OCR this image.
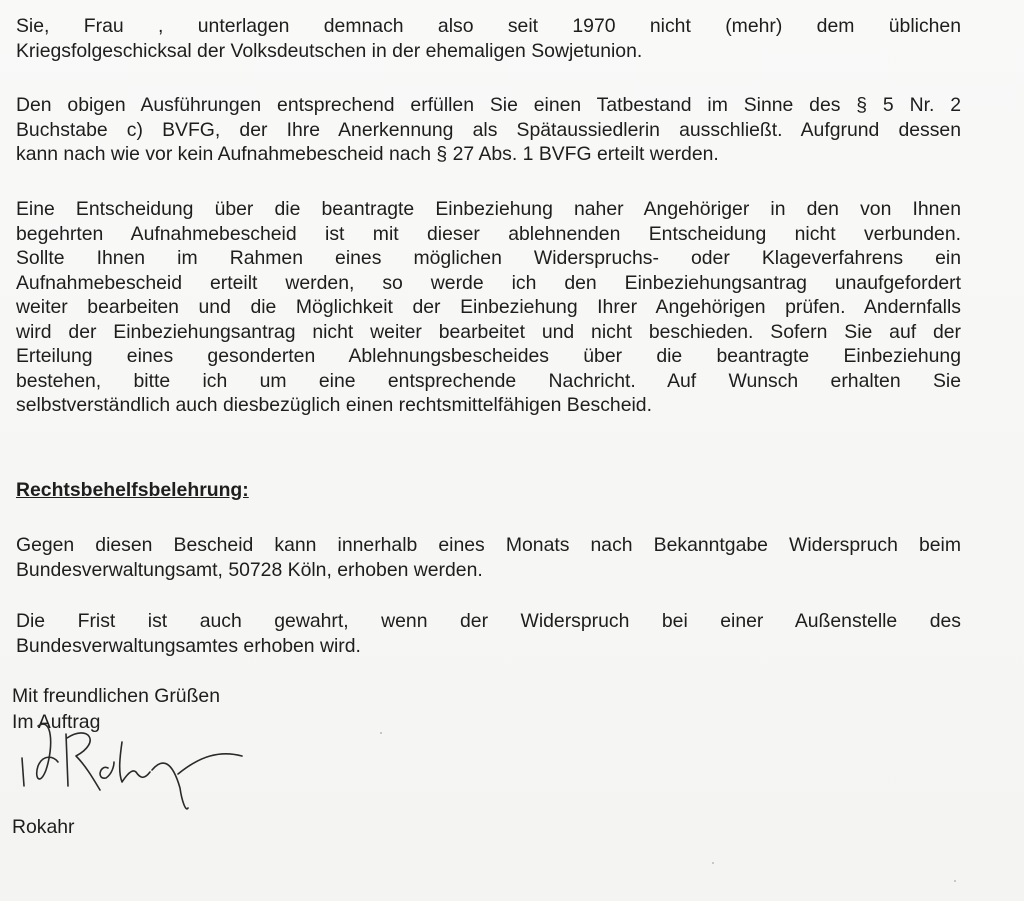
Sie, Frau , unterlagen demnach also seit 1970 nicht (mehr) dem üblichen
Kriegsfolgeschicksal der Volksdeutschen in der ehemaligen Sowjetunion.
Den obigen Ausführungen entsprechend erfüllen Sie einen Tatbestand im Sinne des § 5 Nr. 2
Buchstabe c) BVFG, der Ihre Anerkennung als Spätaussiedlerin ausschließt. Aufgrund dessen
kann nach wie vor kein Aufnahmebescheid nach § 27 Abs. 1 BVFG erteilt werden.
Eine Entscheidung über die beantragte Einbeziehung naher Angehöriger in den von Ihnen
begehrten Aufnahmebescheid ist mit dieser ablehnenden Entscheidung nicht verbunden.
Sollte Ihnen im Rahmen eines möglichen Widerspruchs- oder Klageverfahrens ein
Aufnahmebescheid erteilt werden, so werde ich den Einbeziehungsantrag unaufgefordert
weiter bearbeiten und die Möglichkeit der Einbeziehung Ihrer Angehörigen prüfen. Andernfalls
wird der Einbeziehungsantrag nicht weiter bearbeitet und nicht beschieden. Sofern Sie auf der
Erteilung eines gesonderten Ablehnungsbescheides über die beantragte Einbeziehung
bestehen, bitte ich um eine entsprechende Nachricht. Auf Wunsch erhalten Sie
selbstverständlich auch diesbezüglich einen rechtsmittelfähigen Bescheid.

Rechtsbehelfsbelehrung:

Gegen diesen Bescheid kann innerhalb eines Monats nach Bekanntgabe Widerspruch beim
Bundesverwaltungsamt, 50728 Köln, erhoben werden.
Die Frist ist auch gewahrt, wenn der Widerspruch bei einer Außenstelle des
Bundesverwaltungsamtes erhoben wird.

Mit freundlichen Grüßen

Im Auftrag

Rokahr
